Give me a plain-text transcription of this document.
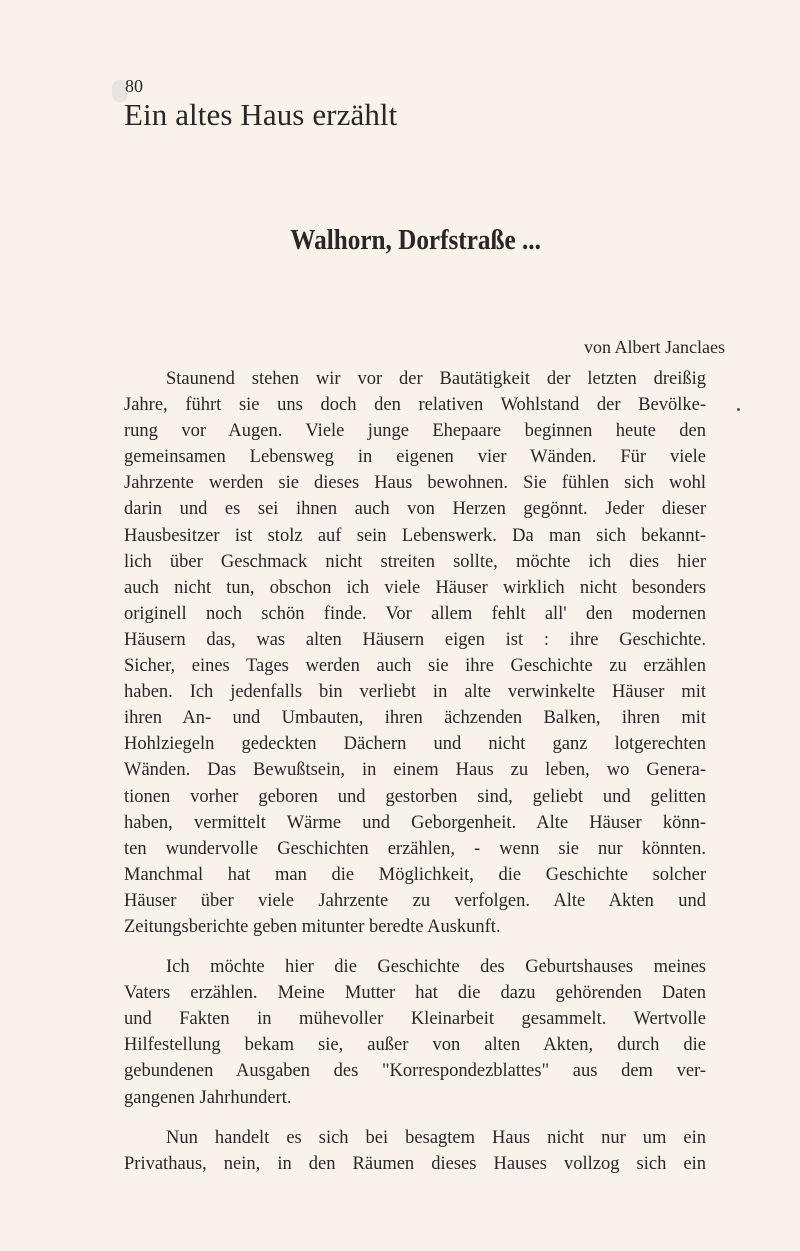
80
Ein altes Haus erzählt
Walhorn, Dorfstraße ...
von Albert Janclaes
Staunend stehen wir vor der Bautätigkeit der letzten dreißig
Jahre, führt sie uns doch den relativen Wohlstand der Bevölke-
rung vor Augen. Viele junge Ehepaare beginnen heute den
gemeinsamen Lebensweg in eigenen vier Wänden. Für viele
Jahrzente werden sie dieses Haus bewohnen. Sie fühlen sich wohl
darin und es sei ihnen auch von Herzen gegönnt. Jeder dieser
Hausbesitzer ist stolz auf sein Lebenswerk. Da man sich bekannt-
lich über Geschmack nicht streiten sollte, möchte ich dies hier
auch nicht tun, obschon ich viele Häuser wirklich nicht besonders
originell noch schön finde. Vor allem fehlt all' den modernen
Häusern das, was alten Häusern eigen ist : ihre Geschichte.
Sicher, eines Tages werden auch sie ihre Geschichte zu erzählen
haben. Ich jedenfalls bin verliebt in alte verwinkelte Häuser mit
ihren An- und Umbauten, ihren ächzenden Balken, ihren mit
Hohlziegeln gedeckten Dächern und nicht ganz lotgerechten
Wänden. Das Bewußtsein, in einem Haus zu leben, wo Genera-
tionen vorher geboren und gestorben sind, geliebt und gelitten
haben, vermittelt Wärme und Geborgenheit. Alte Häuser könn-
ten wundervolle Geschichten erzählen, - wenn sie nur könnten.
Manchmal hat man die Möglichkeit, die Geschichte solcher
Häuser über viele Jahrzente zu verfolgen. Alte Akten und
Zeitungsberichte geben mitunter beredte Auskunft.
Ich möchte hier die Geschichte des Geburtshauses meines
Vaters erzählen. Meine Mutter hat die dazu gehörenden Daten
und Fakten in mühevoller Kleinarbeit gesammelt. Wertvolle
Hilfestellung bekam sie, außer von alten Akten, durch die
gebundenen Ausgaben des "Korrespondezblattes" aus dem ver-
gangenen Jahrhundert.
Nun handelt es sich bei besagtem Haus nicht nur um ein
Privathaus, nein, in den Räumen dieses Hauses vollzog sich ein
